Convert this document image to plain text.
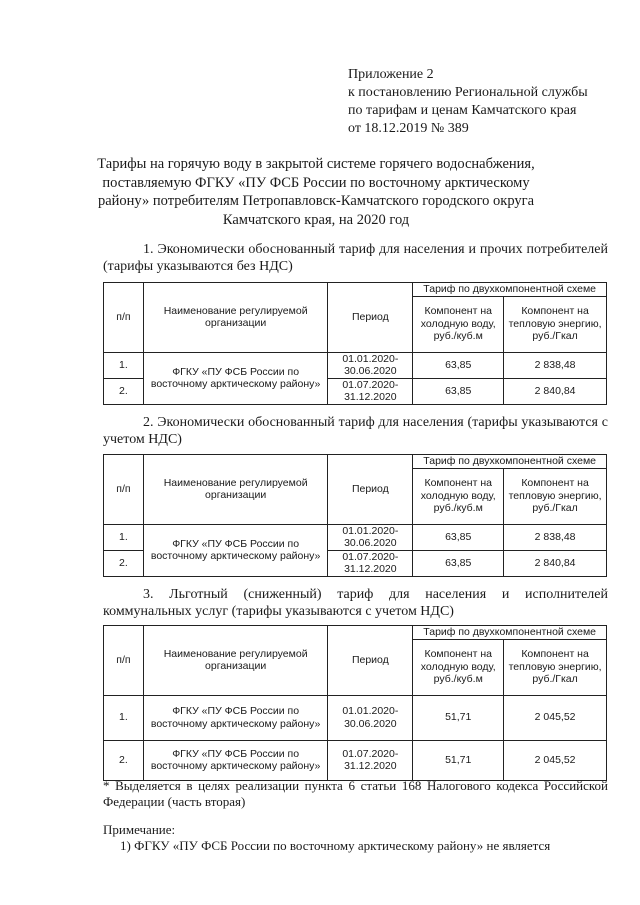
Приложение 2
к постановлению Региональной службы
по тарифам и ценам Камчатского края
от 18.12.2019 № 389
Тарифы на горячую воду в закрытой системе горячего водоснабжения, поставляемую ФГКУ «ПУ ФСБ России по восточному арктическому району» потребителям Петропавловск-Камчатского городского округа Камчатского края, на 2020 год
1. Экономически обоснованный тариф для населения и прочих потребителей (тарифы указываются без НДС)
п/п	Наименование регулируемой организации	Период	Тариф по двухкомпонентной схеме	
			Компонент на холодную воду, руб./куб.м	Компонент на тепловую энергию, руб./Гкал
1.	ФГКУ «ПУ ФСБ России по восточному арктическому району»	01.01.2020-30.06.2020	63,85	2 838,48
2.		01.07.2020-31.12.2020	63,85	2 840,84
2. Экономически обоснованный тариф для населения (тарифы указываются с учетом НДС)
п/п	Наименование регулируемой организации	Период	Тариф по двухкомпонентной схеме	
			Компонент на холодную воду, руб./куб.м	Компонент на тепловую энергию, руб./Гкал
1.	ФГКУ «ПУ ФСБ России по восточному арктическому району»	01.01.2020-30.06.2020	63,85	2 838,48
2.		01.07.2020-31.12.2020	63,85	2 840,84
3. Льготный (сниженный) тариф для населения и исполнителей коммунальных услуг (тарифы указываются с учетом НДС)
п/п	Наименование регулируемой организации	Период	Тариф по двухкомпонентной схеме	
			Компонент на холодную воду, руб./куб.м	Компонент на тепловую энергию, руб./Гкал
1.	ФГКУ «ПУ ФСБ России по восточному арктическому району»	01.01.2020-30.06.2020	51,71	2 045,52
2.	ФГКУ «ПУ ФСБ России по восточному арктическому району»	01.07.2020-31.12.2020	51,71	2 045,52
* Выделяется в целях реализации пункта 6 статьи 168 Налогового кодекса Российской Федерации (часть вторая)
Примечание:
1) ФГКУ «ПУ ФСБ России по восточному арктическому району» не является
